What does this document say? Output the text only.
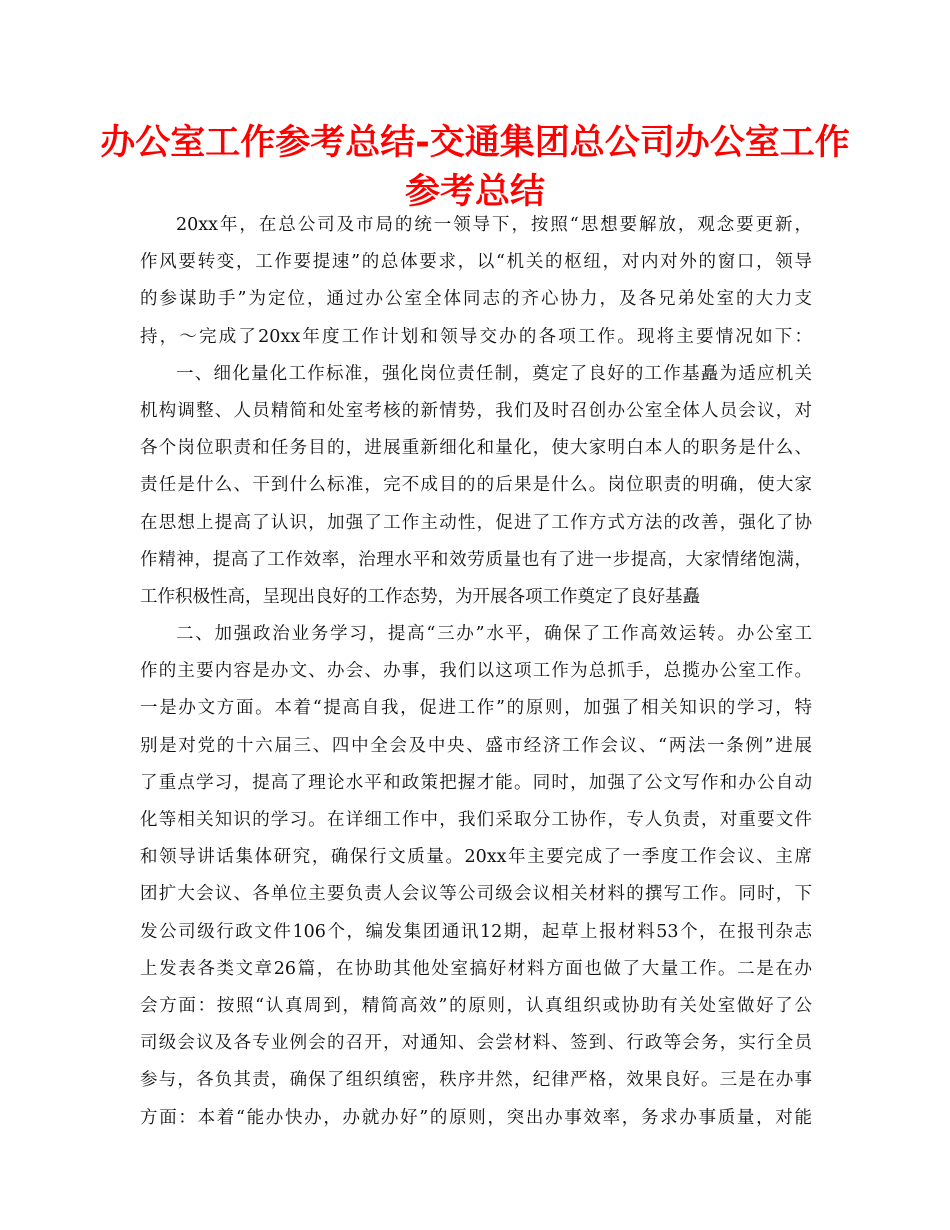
办公室工作参考总结-交通集团总公司办公室工作
参考总结
20xx年，在总公司及市局的统一领导下，按照“思想要解放，观念要更新，
作风要转变，工作要提速”的总体要求，以“机关的枢纽，对内对外的窗口，领导
的参谋助手”为定位，通过办公室全体同志的齐心协力，及各兄弟处室的大力支
持，～完成了20xx年度工作计划和领导交办的各项工作。现将主要情况如下：
一、细化量化工作标准，强化岗位责任制，奠定了良好的工作基矗为适应机关
机构调整、人员精简和处室考核的新情势，我们及时召创办公室全体人员会议，对
各个岗位职责和任务目的，进展重新细化和量化，使大家明白本人的职务是什么、
责任是什么、干到什么标准，完不成目的的后果是什么。岗位职责的明确，使大家
在思想上提高了认识，加强了工作主动性，促进了工作方式方法的改善，强化了协
作精神，提高了工作效率，治理水平和效劳质量也有了进一步提高，大家情绪饱满，
工作积极性高，呈现出良好的工作态势，为开展各项工作奠定了良好基矗
二、加强政治业务学习，提高“三办”水平，确保了工作高效运转。办公室工
作的主要内容是办文、办会、办事，我们以这项工作为总抓手，总揽办公室工作。
一是办文方面。本着“提高自我，促进工作”的原则，加强了相关知识的学习，特
别是对党的十六届三、四中全会及中央、盛市经济工作会议、“两法一条例”进展
了重点学习，提高了理论水平和政策把握才能。同时，加强了公文写作和办公自动
化等相关知识的学习。在详细工作中，我们采取分工协作，专人负责，对重要文件
和领导讲话集体研究，确保行文质量。20xx年主要完成了一季度工作会议、主席
团扩大会议、各单位主要负责人会议等公司级会议相关材料的撰写工作。同时，下
发公司级行政文件106个，编发集团通讯12期，起草上报材料53个，在报刊杂志
上发表各类文章26篇，在协助其他处室搞好材料方面也做了大量工作。二是在办
会方面：按照“认真周到，精简高效”的原则，认真组织或协助有关处室做好了公
司级会议及各专业例会的召开，对通知、会尝材料、签到、行政等会务，实行全员
参与，各负其责，确保了组织缜密，秩序井然，纪律严格，效果良好。三是在办事
方面：本着“能办快办，办就办好”的原则，突出办事效率，务求办事质量，对能
